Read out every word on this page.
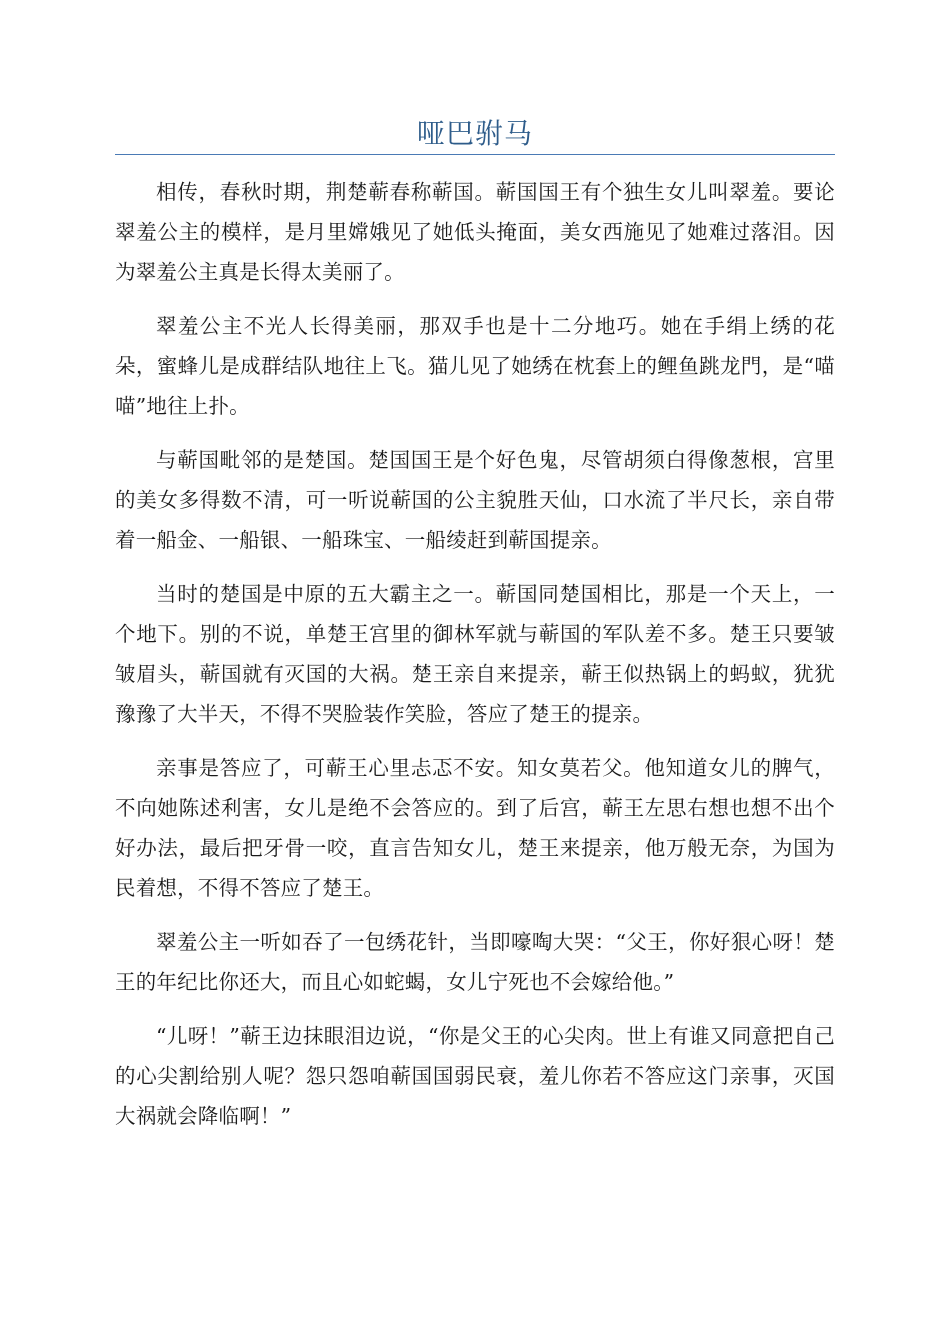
哑巴驸马

相传，春秋时期，荆楚蕲春称蕲国。蕲国国王有个独生女儿叫翠羞。要论翠羞公主的模样，是月里嫦娥见了她低头掩面，美女西施见了她难过落泪。因为翠羞公主真是长得太美丽了。

翠羞公主不光人长得美丽，那双手也是十二分地巧。她在手绢上绣的花朵，蜜蜂儿是成群结队地往上飞。猫儿见了她绣在枕套上的鲤鱼跳龙門，是“喵喵”地往上扑。

与蕲国毗邻的是楚国。楚国国王是个好色鬼，尽管胡须白得像葱根，宫里的美女多得数不清，可一听说蕲国的公主貌胜天仙，口水流了半尺长，亲自带着一船金、一船银、一船珠宝、一船绫赶到蕲国提亲。

当时的楚国是中原的五大霸主之一。蕲国同楚国相比，那是一个天上，一个地下。别的不说，单楚王宫里的御林军就与蕲国的军队差不多。楚王只要皱皱眉头，蕲国就有灭国的大祸。楚王亲自来提亲，蕲王似热锅上的蚂蚁，犹犹豫豫了大半天，不得不哭脸装作笑脸，答应了楚王的提亲。

亲事是答应了，可蕲王心里忐忑不安。知女莫若父。他知道女儿的脾气，不向她陈述利害，女儿是绝不会答应的。到了后宫，蕲王左思右想也想不出个好办法，最后把牙骨一咬，直言告知女儿，楚王来提亲，他万般无奈，为国为民着想，不得不答应了楚王。

翠羞公主一听如吞了一包绣花针，当即嚎啕大哭：“父王，你好狠心呀！楚王的年纪比你还大，而且心如蛇蝎，女儿宁死也不会嫁给他。”

“儿呀！”蕲王边抹眼泪边说，“你是父王的心尖肉。世上有谁又同意把自己的心尖割给别人呢？怨只怨咱蕲国国弱民衰，羞儿你若不答应这门亲事，灭国大祸就会降临啊！”
